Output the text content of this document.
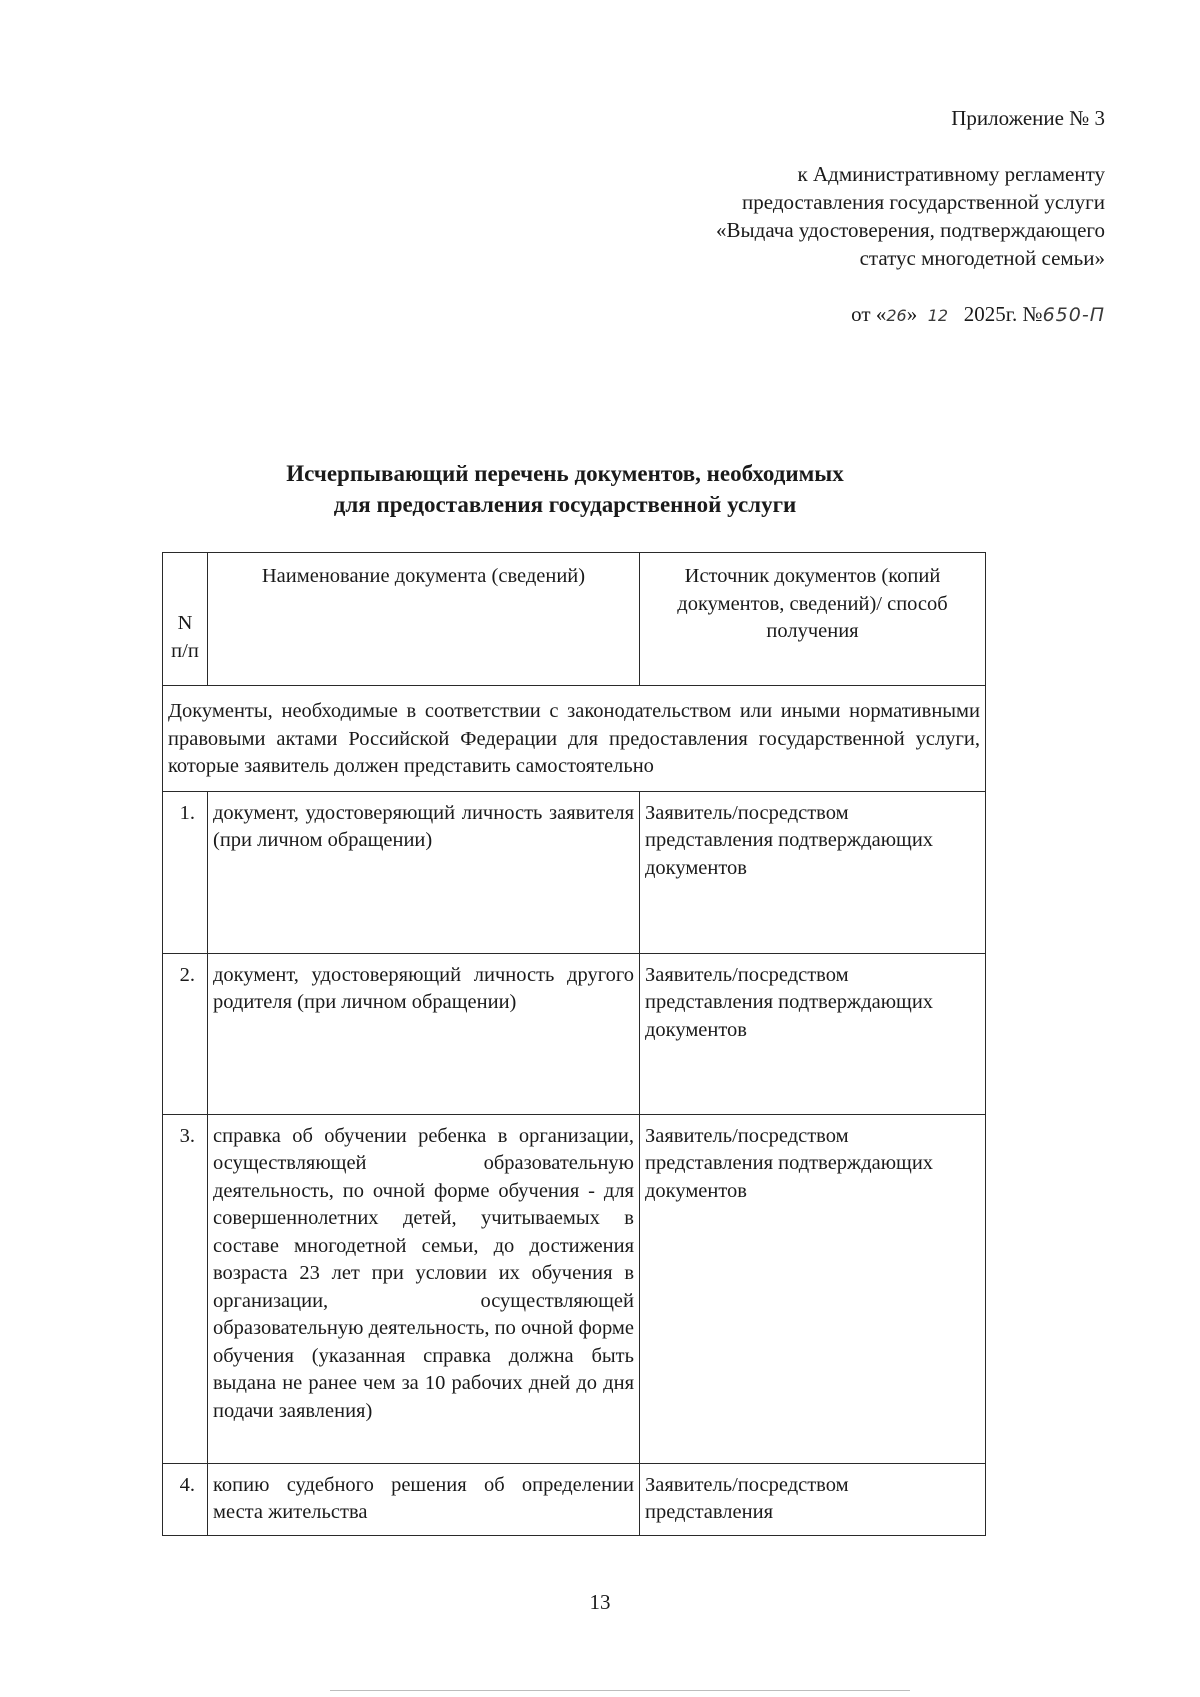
Приложение № 3
к Административному регламенту
предоставления государственной услуги
«Выдача удостоверения, подтверждающего
статус многодетной семьи»
от «26» 12 2025г. №650-П
Исчерпывающий перечень документов, необходимых
для предоставления государственной услуги
N п/п	Наименование документа (сведений)	Источник документов (копий документов, сведений)/ способ получения
Документы, необходимые в соответствии с законодательством или иными нормативными правовыми актами Российской Федерации для предоставления государственной услуги, которые заявитель должен представить самостоятельно		
1.	документ, удостоверяющий личность заявителя (при личном обращении)	Заявитель/посредством представления подтверждающих документов
2.	документ, удостоверяющий личность другого родителя (при личном обращении)	Заявитель/посредством представления подтверждающих документов
3.	справка об обучении ребенка в организации, осуществляющей образовательную деятельность, по очной форме обучения - для совершеннолетних детей, учитываемых в составе многодетной семьи, до достижения возраста 23 лет при условии их обучения в организации, осуществляющей образовательную деятельность, по очной форме обучения (указанная справка должна быть выдана не ранее чем за 10 рабочих дней до дня подачи заявления)	Заявитель/посредством представления подтверждающих документов
4.	копию судебного решения об определении места жительства	Заявитель/посредством представления
13
